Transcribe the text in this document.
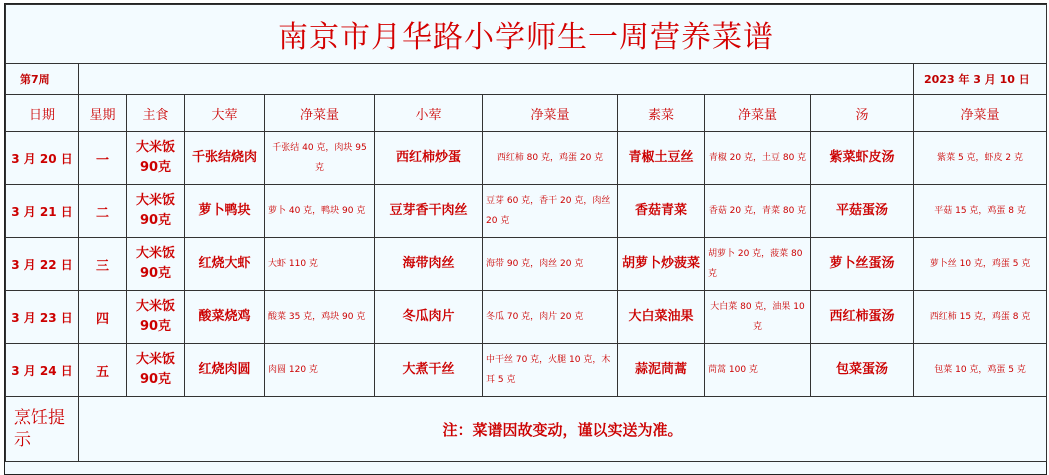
南京市月华路小学师生一周营养菜谱										
第7周										2023 年 3 月 10 日
日期	星期	主食	大荤	净菜量	小荤	净菜量	素菜	净菜量	汤	净菜量
3 月 20 日	一	大米饭90克	千张结烧肉	千张结 40 克，肉块 95 克	西红柿炒蛋	西红柿 80 克，鸡蛋 20 克	青椒土豆丝	青椒 20 克，土豆 80 克	紫菜虾皮汤	紫菜 5 克，虾皮 2 克
3 月 21 日	二	大米饭90克	萝卜鸭块	萝卜 40 克，鸭块 90 克	豆芽香干肉丝	豆芽 60 克，香干 20 克，肉丝 20 克	香菇青菜	香菇 20 克，青菜 80 克	平菇蛋汤	平菇 15 克，鸡蛋 8 克
3 月 22 日	三	大米饭90克	红烧大虾	大虾 110 克	海带肉丝	海带 90 克，肉丝 20 克	胡萝卜炒菠菜	胡萝卜 20 克，菠菜 80 克	萝卜丝蛋汤	萝卜丝 10 克，鸡蛋 5 克
3 月 23 日	四	大米饭90克	酸菜烧鸡	酸菜 35 克，鸡块 90 克	冬瓜肉片	冬瓜 70 克，肉片 20 克	大白菜油果	大白菜 80 克，油果 10 克	西红柿蛋汤	西红柿 15 克，鸡蛋 8 克
3 月 24 日	五	大米饭90克	红烧肉圆	肉圆 120 克	大煮干丝	中干丝 70 克，火腿 10 克，木耳 5 克	蒜泥茼蒿	茼蒿 100 克	包菜蛋汤	包菜 10 克，鸡蛋 5 克
烹饪提示	注：菜谱因故变动，谨以实送为准。									
